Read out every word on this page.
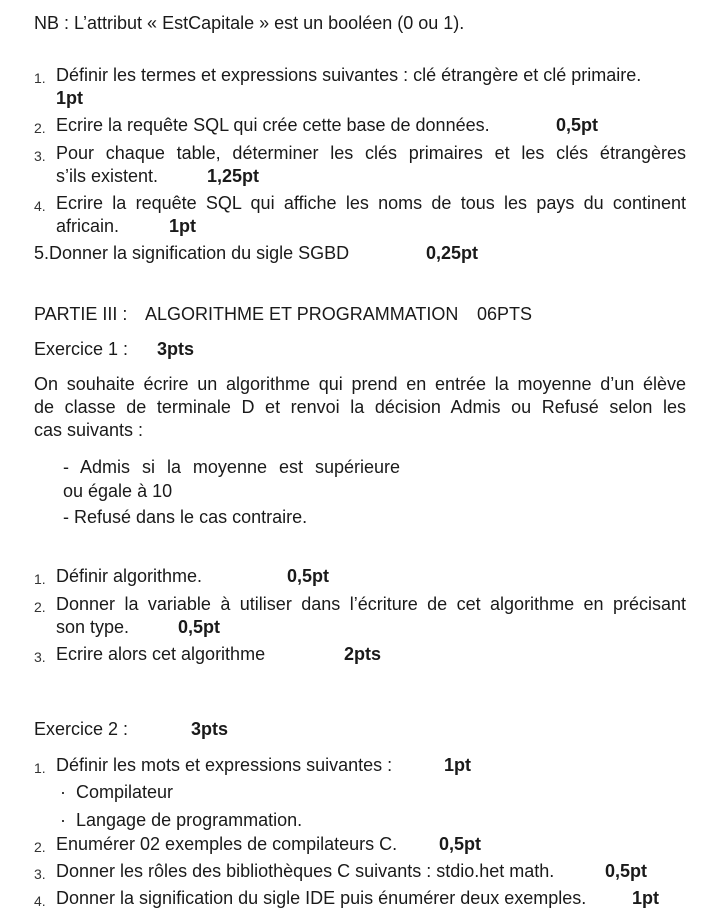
NB : L’attribut « EstCapitale » est un booléen (0 ou 1).
1. Définir les termes et expressions suivantes : clé étrangère et clé primaire.
1pt
2. Ecrire la requête SQL qui crée cette base de données.	0,5pt
3. Pour chaque table, déterminer les clés primaires et les clés étrangères
s’ils existent.	1,25pt
4. Ecrire la requête SQL qui affiche les noms de tous les pays du continent
africain.	1pt
5.Donner la signification du sigle SGBD	0,25pt
PARTIE III : ALGORITHME ET PROGRAMMATION 06PTS
Exercice 1 : 3pts
On souhaite écrire un algorithme qui prend en entrée la moyenne d’un élève
de classe de terminale D et renvoi la décision Admis ou Refusé selon les
cas suivants :
- Admis si la moyenne est supérieure
ou égale à 10
- Refusé dans le cas contraire.
1. Définir algorithme.	0,5pt
2. Donner la variable à utiliser dans l’écriture de cet algorithme en précisant
son type.	0,5pt
3. Ecrire alors cet algorithme	2pts
Exercice 2 :	3pts
1. Définir les mots et expressions suivantes :	1pt
· Compilateur
· Langage de programmation.
2. Enumérer 02 exemples de compilateurs C. 0,5pt
3. Donner les rôles des bibliothèques C suivants : stdio.het math.	0,5pt
4. Donner la signification du sigle IDE puis énumérer deux exemples.	1pt
